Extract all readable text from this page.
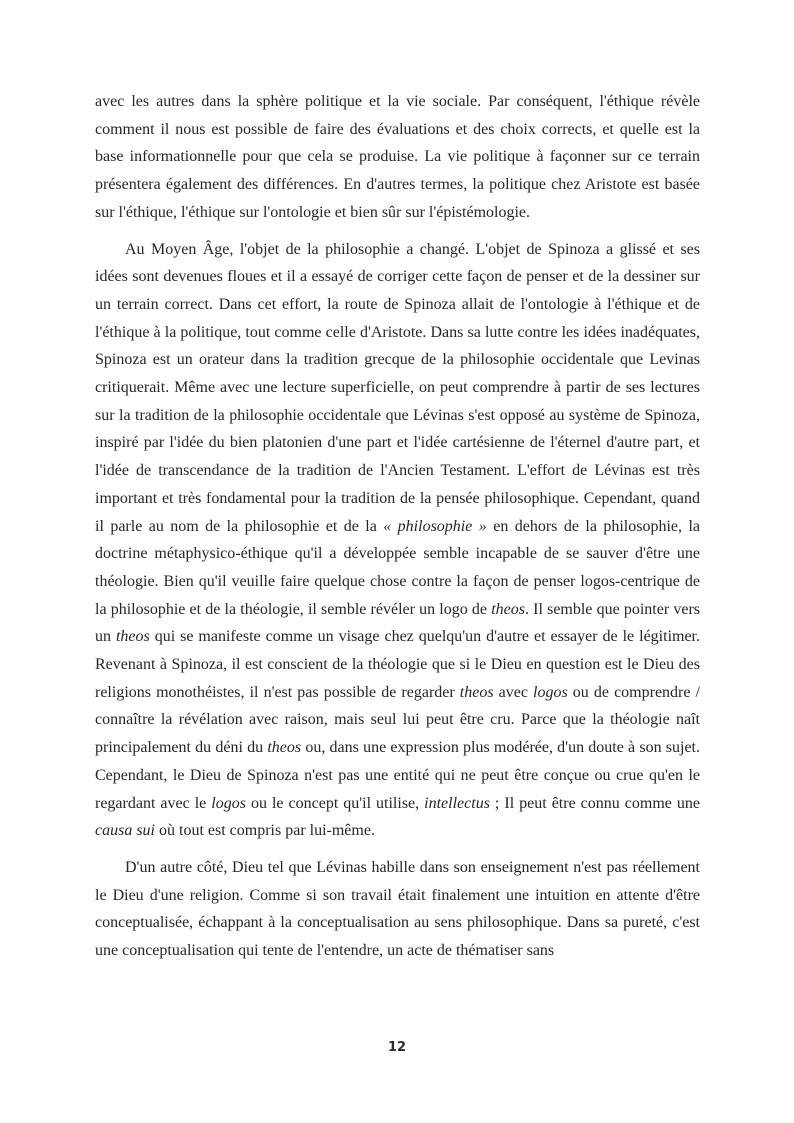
avec les autres dans la sphère politique et la vie sociale. Par conséquent, l'éthique révèle comment il nous est possible de faire des évaluations et des choix corrects, et quelle est la base informationnelle pour que cela se produise. La vie politique à façonner sur ce terrain présentera également des différences. En d'autres termes, la politique chez Aristote est basée sur l'éthique, l'éthique sur l'ontologie et bien sûr sur l'épistémologie.

Au Moyen Âge, l'objet de la philosophie a changé. L'objet de Spinoza a glissé et ses idées sont devenues floues et il a essayé de corriger cette façon de penser et de la dessiner sur un terrain correct. Dans cet effort, la route de Spinoza allait de l'ontologie à l'éthique et de l'éthique à la politique, tout comme celle d'Aristote. Dans sa lutte contre les idées inadéquates, Spinoza est un orateur dans la tradition grecque de la philosophie occidentale que Levinas critiquerait. Même avec une lecture superficielle, on peut comprendre à partir de ses lectures sur la tradition de la philosophie occidentale que Lévinas s'est opposé au système de Spinoza, inspiré par l'idée du bien platonien d'une part et l'idée cartésienne de l'éternel d'autre part, et l'idée de transcendance de la tradition de l'Ancien Testament. L'effort de Lévinas est très important et très fondamental pour la tradition de la pensée philosophique. Cependant, quand il parle au nom de la philosophie et de la « philosophie » en dehors de la philosophie, la doctrine métaphysico-éthique qu'il a développée semble incapable de se sauver d'être une théologie. Bien qu'il veuille faire quelque chose contre la façon de penser logos-centrique de la philosophie et de la théologie, il semble révéler un logo de theos. Il semble que pointer vers un theos qui se manifeste comme un visage chez quelqu'un d'autre et essayer de le légitimer. Revenant à Spinoza, il est conscient de la théologie que si le Dieu en question est le Dieu des religions monothéistes, il n'est pas possible de regarder theos avec logos ou de comprendre / connaître la révélation avec raison, mais seul lui peut être cru. Parce que la théologie naît principalement du déni du theos ou, dans une expression plus modérée, d'un doute à son sujet. Cependant, le Dieu de Spinoza n'est pas une entité qui ne peut être conçue ou crue qu'en le regardant avec le logos ou le concept qu'il utilise, intellectus ; Il peut être connu comme une causa sui où tout est compris par lui-même.

D'un autre côté, Dieu tel que Lévinas habille dans son enseignement n'est pas réellement le Dieu d'une religion. Comme si son travail était finalement une intuition en attente d'être conceptualisée, échappant à la conceptualisation au sens philosophique. Dans sa pureté, c'est une conceptualisation qui tente de l'entendre, un acte de thématiser sans

12
